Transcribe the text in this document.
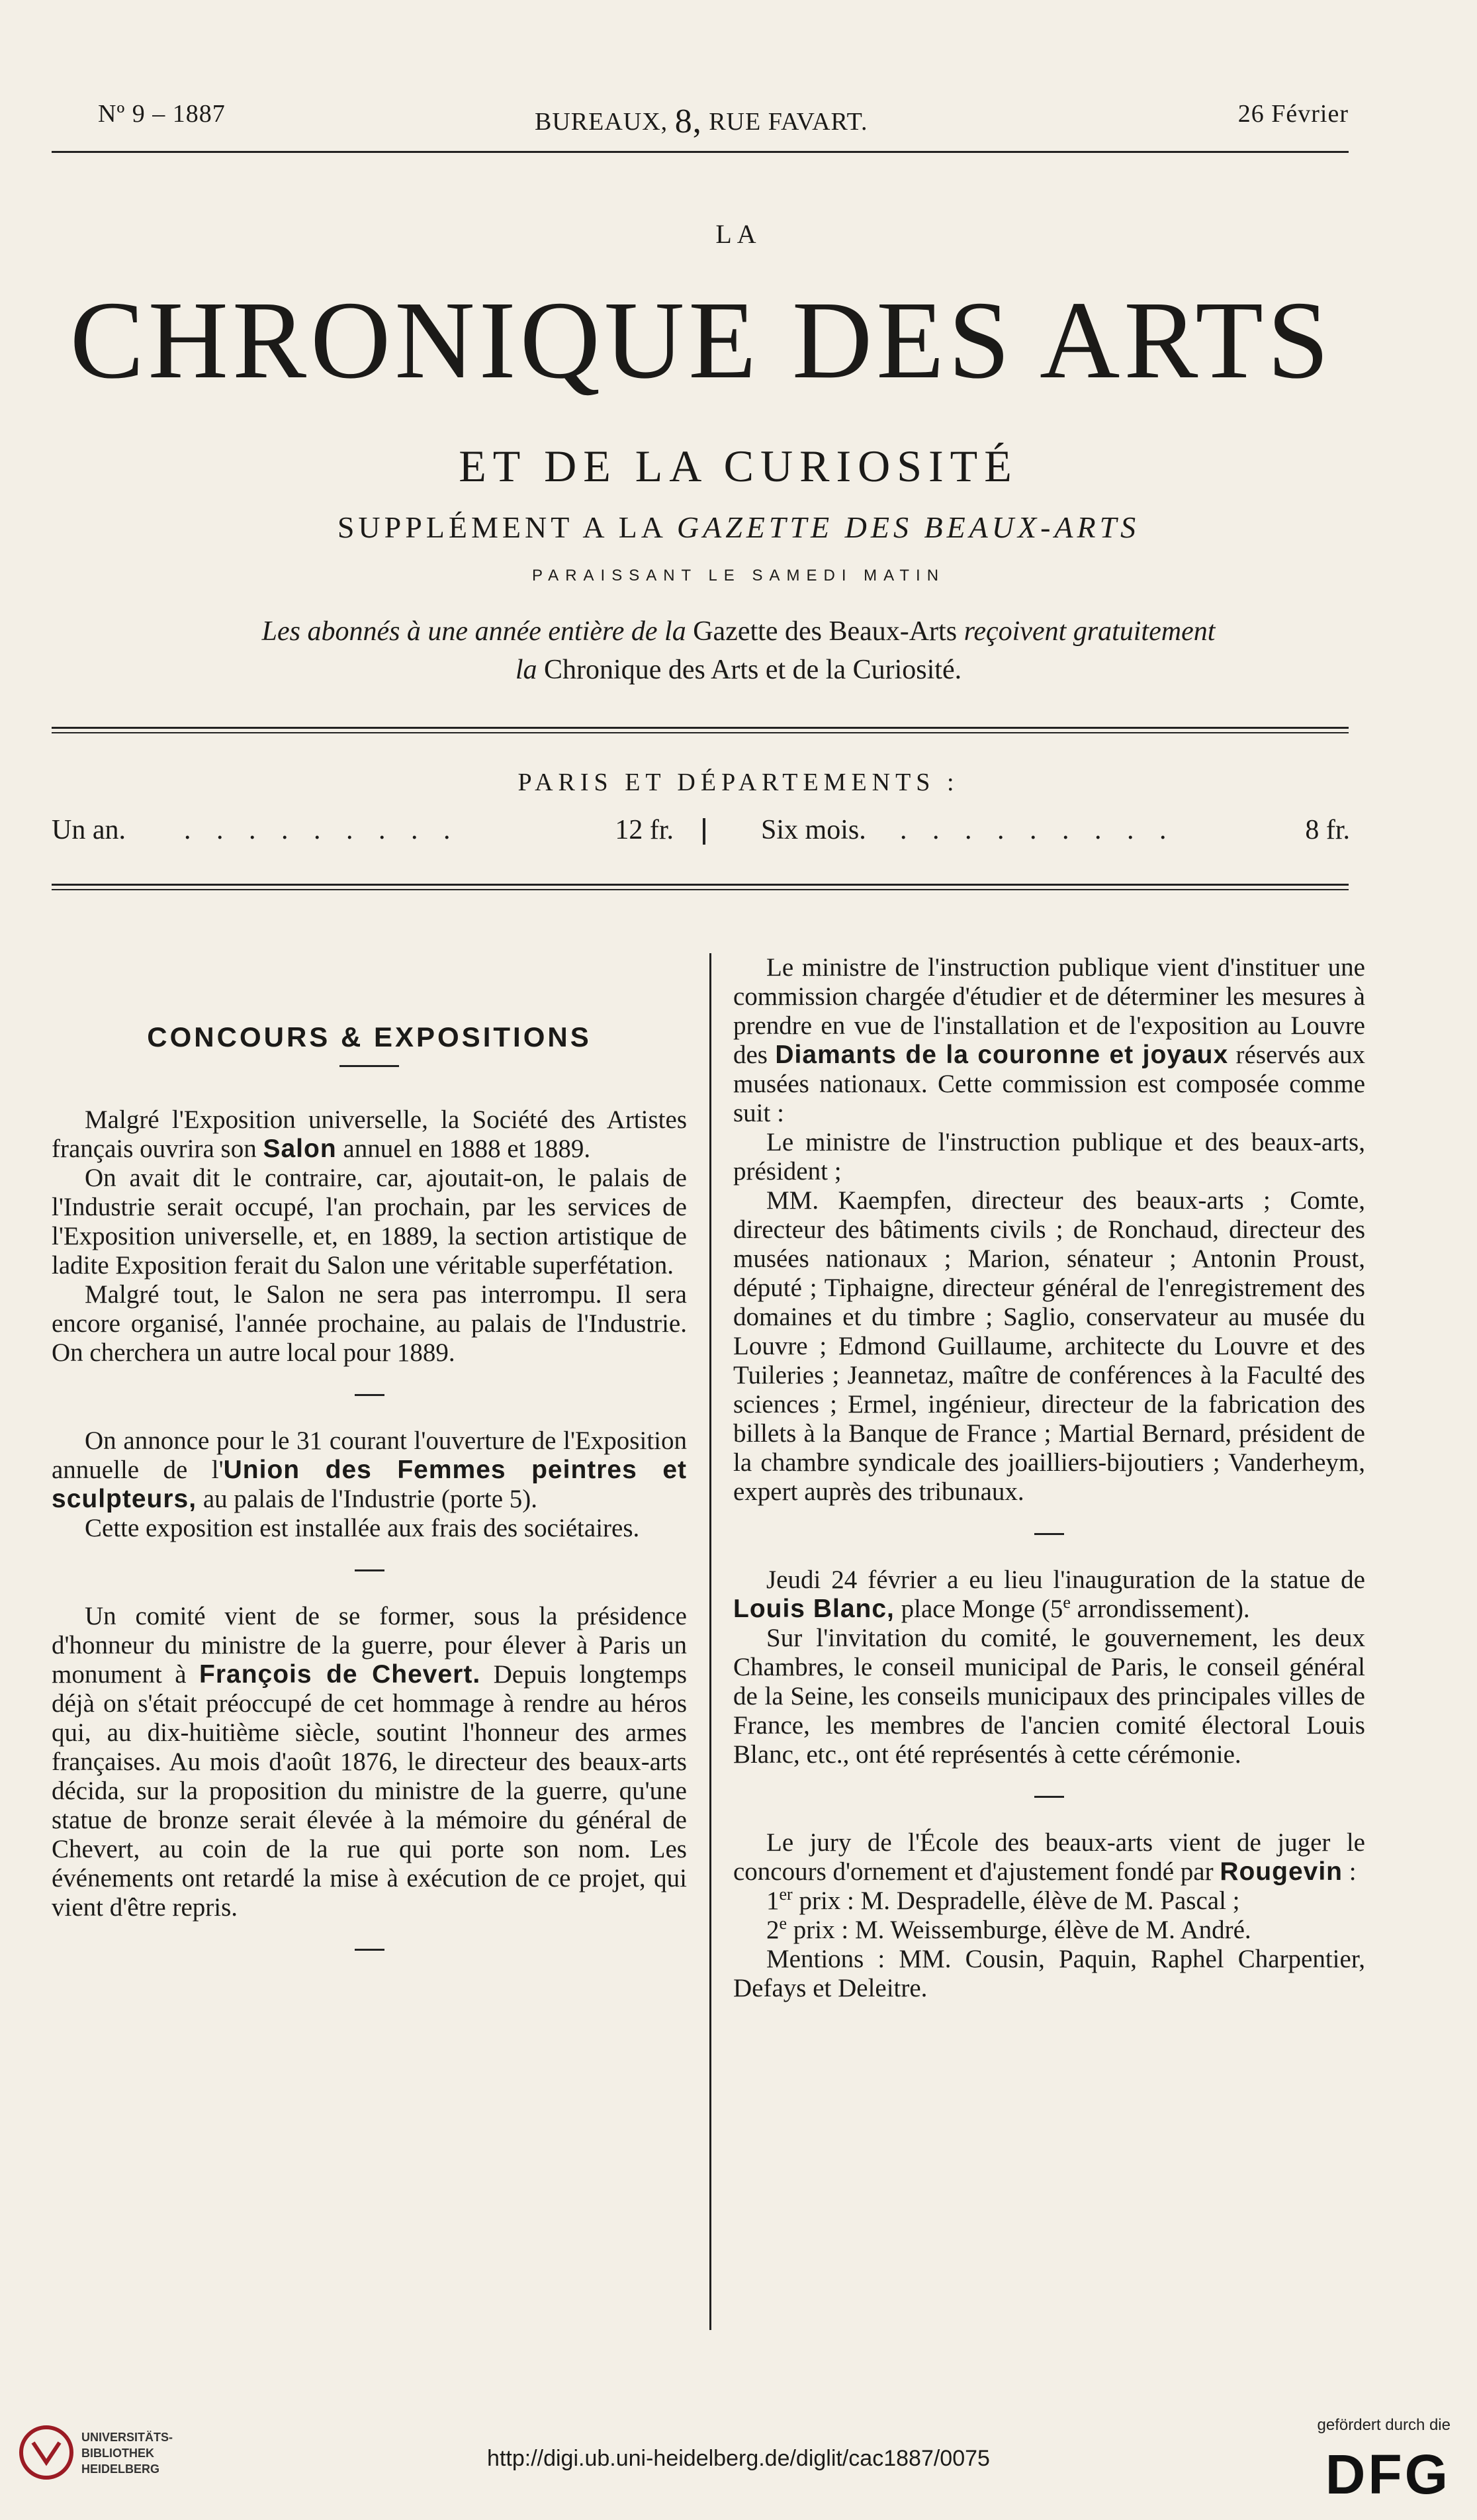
Nº 9 – 1887	BUREAUX, 8, RUE FAVART.	26 Février
LA
CHRONIQUE DES ARTS
ET DE LA CURIOSITÉ
SUPPLÉMENT A LA GAZETTE DES BEAUX-ARTS
PARAISSANT LE SAMEDI MATIN
Les abonnés à une année entière de la Gazette des Beaux-Arts reçoivent gratuitement
la Chronique des Arts et de la Curiosité.
PARIS ET DÉPARTEMENTS :
Un an. . . . . . . . . .	12 fr.	Six mois. . . . . . . . . .	8 fr.
CONCOURS & EXPOSITIONS

Malgré l'Exposition universelle, la Société des Artistes français ouvrira son Salon annuel en 1888 et 1889.

On avait dit le contraire, car, ajoutait-on, le palais de l'Industrie serait occupé, l'an prochain, par les services de l'Exposition universelle, et, en 1889, la section artistique de ladite Exposition ferait du Salon une véritable superfétation.

Malgré tout, le Salon ne sera pas interrompu. Il sera encore organisé, l'année prochaine, au palais de l'Industrie. On cherchera un autre local pour 1889.

On annonce pour le 31 courant l'ouverture de l'Exposition annuelle de l'Union des Femmes peintres et sculpteurs, au palais de l'Industrie (porte 5).

Cette exposition est installée aux frais des sociétaires.

Un comité vient de se former, sous la présidence d'honneur du ministre de la guerre, pour élever à Paris un monument à François de Chevert. Depuis longtemps déjà on s'était préoccupé de cet hommage à rendre au héros qui, au dix-huitième siècle, soutint l'honneur des armes françaises. Au mois d'août 1876, le directeur des beaux-arts décida, sur la proposition du ministre de la guerre, qu'une statue de bronze serait élevée à la mémoire du général de Chevert, au coin de la rue qui porte son nom. Les événements ont retardé la mise à exécution de ce projet, qui vient d'être repris.

Le ministre de l'instruction publique vient d'instituer une commission chargée d'étudier et de déterminer les mesures à prendre en vue de l'installation et de l'exposition au Louvre des Diamants de la couronne et joyaux réservés aux musées nationaux. Cette commission est composée comme suit :

Le ministre de l'instruction publique et des beaux-arts, président ;

MM. Kaempfen, directeur des beaux-arts ; Comte, directeur des bâtiments civils ; de Ronchaud, directeur des musées nationaux ; Marion, sénateur ; Antonin Proust, député ; Tiphaigne, directeur général de l'enregistrement des domaines et du timbre ; Saglio, conservateur au musée du Louvre ; Edmond Guillaume, architecte du Louvre et des Tuileries ; Jeannetaz, maître de conférences à la Faculté des sciences ; Ermel, ingénieur, directeur de la fabrication des billets à la Banque de France ; Martial Bernard, président de la chambre syndicale des joailliers-bijoutiers ; Vanderheym, expert auprès des tribunaux.

Jeudi 24 février a eu lieu l'inauguration de la statue de Louis Blanc, place Monge (5e arrondissement).

Sur l'invitation du comité, le gouvernement, les deux Chambres, le conseil municipal de Paris, le conseil général de la Seine, les conseils municipaux des principales villes de France, les membres de l'ancien comité électoral Louis Blanc, etc., ont été représentés à cette cérémonie.

Le jury de l'École des beaux-arts vient de juger le concours d'ornement et d'ajustement fondé par Rougevin :

1er prix : M. Despradelle, élève de M. Pascal ;

2e prix : M. Weissemburge, élève de M. André.

Mentions : MM. Cousin, Paquin, Raphel Charpentier, Defays et Deleitre.

UNIVERSITÄTS-
BIBLIOTHEK
HEIDELBERG	http://digi.ub.uni-heidelberg.de/diglit/cac1887/0075
gefördert durch die
DFG
